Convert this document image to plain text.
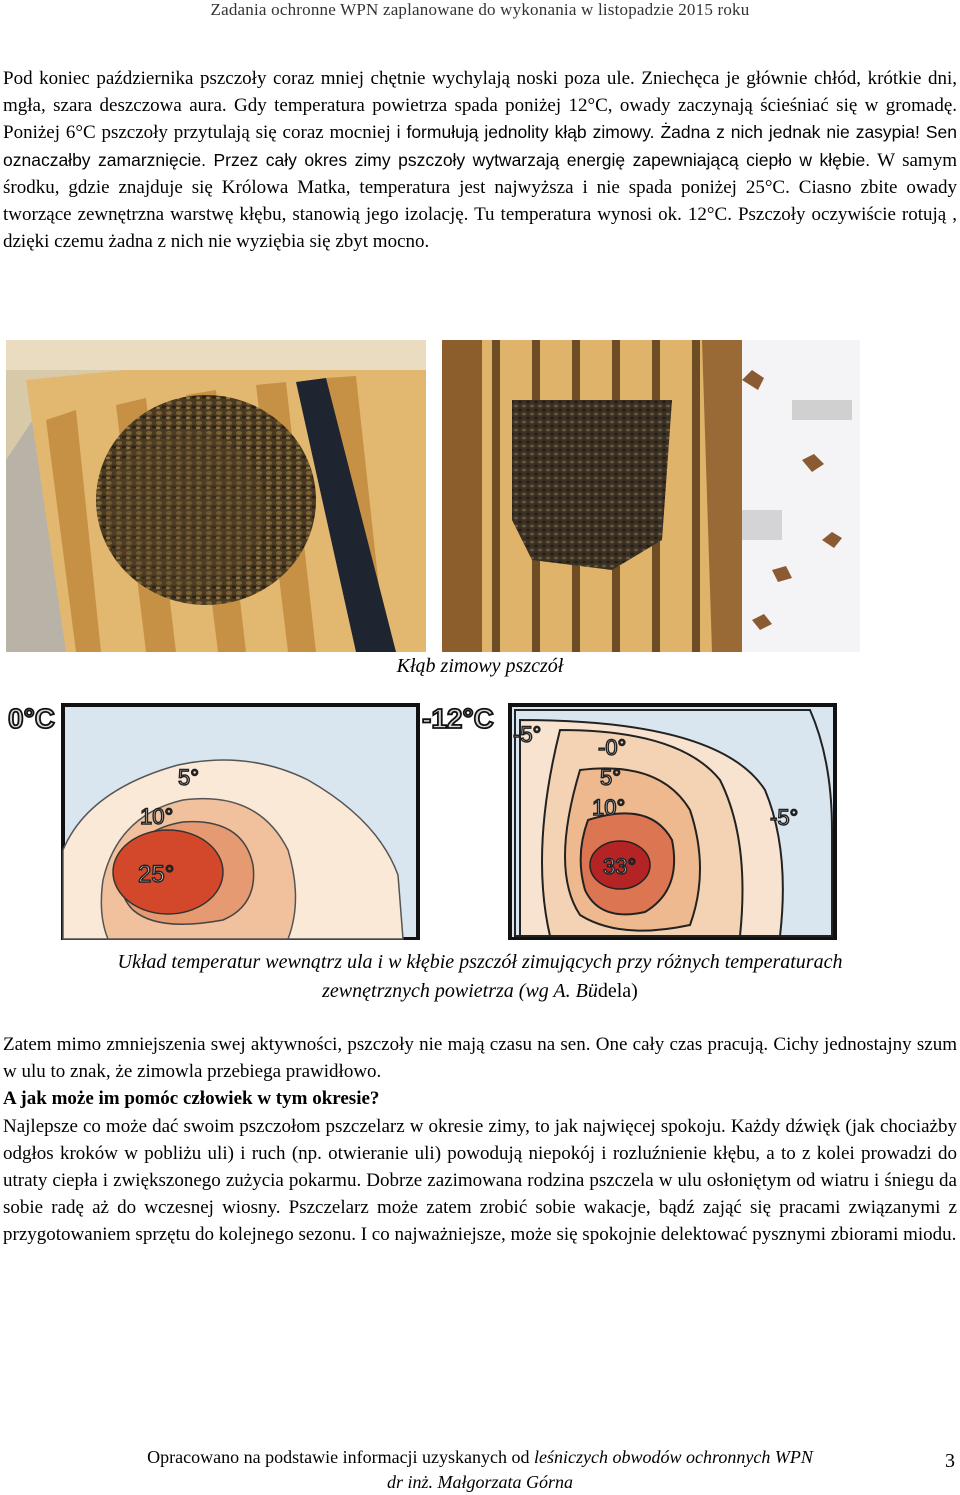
Zadania ochronne WPN zaplanowane do wykonania w listopadzie 2015 roku
Pod koniec października pszczoły coraz mniej chętnie wychylają noski poza ule. Zniechęca je głównie chłód, krótkie dni, mgła, szara deszczowa aura. Gdy temperatura powietrza spada poniżej 12°C, owady zaczynają ścieśniać się w gromadę. Poniżej 6°C pszczoły przytulają się coraz mocniej i formułują jednolity kłąb zimowy. Żadna z nich jednak nie zasypia! Sen oznaczałby zamarznięcie. Przez cały okres zimy pszczoły wytwarzają energię zapewniającą ciepło w kłębie. W samym środku, gdzie znajduje się Królowa Matka, temperatura jest najwyższa i nie spada poniżej 25°C. Ciasno zbite owady tworzące zewnętrzna warstwę kłębu, stanowią jego izolację. Tu temperatura wynosi ok. 12°C. Pszczoły oczywiście rotują , dzięki czemu żadna z nich nie wyziębia się zbyt mocno.
Kłąb zimowy pszczół
0°C
5°
10°
25°
-12°C
-5°
-0°
5°
10°	-5°
33°
Układ temperatur wewnątrz ula i w kłębie pszczół zimujących przy różnych temperaturach
zewnętrznych powietrza (wg A. Büdela)
Zatem mimo zmniejszenia swej aktywności, pszczoły nie mają czasu na sen. One cały czas pracują. Cichy jednostajny szum w ulu to znak, że zimowla przebiega prawidłowo.
A jak może im pomóc człowiek w tym okresie?
Najlepsze co może dać swoim pszczołom pszczelarz w okresie zimy, to jak najwięcej spokoju. Każdy dźwięk (jak chociażby odgłos kroków w pobliżu uli) i ruch (np. otwieranie uli) powodują niepokój i rozluźnienie kłębu, a to z kolei prowadzi do utraty ciepła i zwiększonego zużycia pokarmu. Dobrze zazimowana rodzina pszczela w ulu osłoniętym od wiatru i śniegu da sobie radę aż do wczesnej wiosny. Pszczelarz może zatem zrobić sobie wakacje, bądź zająć się pracami związanymi z przygotowaniem sprzętu do kolejnego sezonu. I co najważniejsze, może się spokojnie delektować pysznymi zbiorami miodu.
Opracowano na podstawie informacji uzyskanych od leśniczych obwodów ochronnych WPN
dr inż. Małgorzata Górna
3
